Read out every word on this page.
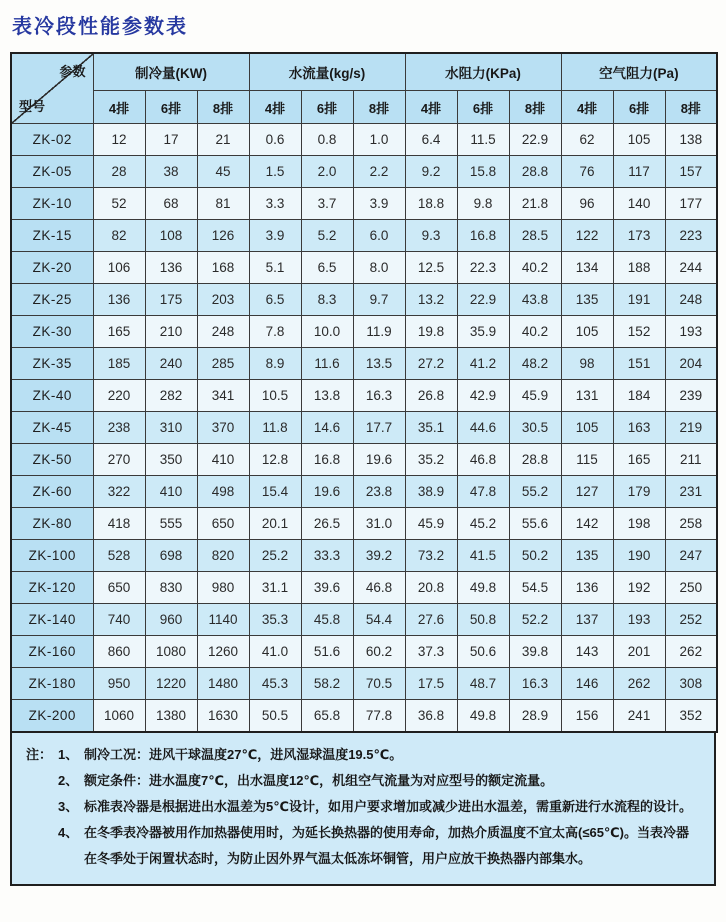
表冷段性能参数表
参数
型号	制冷量(KW)			水流量(kg/s)			水阻力(KPa)			空气阻力(Pa)		
	4排	6排	8排	4排	6排	8排	4排	6排	8排	4排	6排	8排
ZK-02	12	17	21	0.6	0.8	1.0	6.4	11.5	22.9	62	105	138
ZK-05	28	38	45	1.5	2.0	2.2	9.2	15.8	28.8	76	117	157
ZK-10	52	68	81	3.3	3.7	3.9	18.8	9.8	21.8	96	140	177
ZK-15	82	108	126	3.9	5.2	6.0	9.3	16.8	28.5	122	173	223
ZK-20	106	136	168	5.1	6.5	8.0	12.5	22.3	40.2	134	188	244
ZK-25	136	175	203	6.5	8.3	9.7	13.2	22.9	43.8	135	191	248
ZK-30	165	210	248	7.8	10.0	11.9	19.8	35.9	40.2	105	152	193
ZK-35	185	240	285	8.9	11.6	13.5	27.2	41.2	48.2	98	151	204
ZK-40	220	282	341	10.5	13.8	16.3	26.8	42.9	45.9	131	184	239
ZK-45	238	310	370	11.8	14.6	17.7	35.1	44.6	30.5	105	163	219
ZK-50	270	350	410	12.8	16.8	19.6	35.2	46.8	28.8	115	165	211
ZK-60	322	410	498	15.4	19.6	23.8	38.9	47.8	55.2	127	179	231
ZK-80	418	555	650	20.1	26.5	31.0	45.9	45.2	55.6	142	198	258
ZK-100	528	698	820	25.2	33.3	39.2	73.2	41.5	50.2	135	190	247
ZK-120	650	830	980	31.1	39.6	46.8	20.8	49.8	54.5	136	192	250
ZK-140	740	960	1140	35.3	45.8	54.4	27.6	50.8	52.2	137	193	252
ZK-160	860	1080	1260	41.0	51.6	60.2	37.3	50.6	39.8	143	201	262
ZK-180	950	1220	1480	45.3	58.2	70.5	17.5	48.7	16.3	146	262	308
ZK-200	1060	1380	1630	50.5	65.8	77.8	36.8	49.8	28.9	156	241	352
注： 1、 制冷工况：进风干球温度27℃，进风湿球温度19.5℃。
2、 额定条件：进水温度7℃，出水温度12℃，机组空气流量为对应型号的额定流量。
3、 标准表冷器是根据进出水温差为5℃设计，如用户要求增加或减少进出水温差，需重新进行水流程的设计。
4、 在冬季表冷器被用作加热器使用时，为延长换热器的使用寿命，加热介质温度不宜太高(≤65℃)。当表冷器在冬季处于闲置状态时，为防止因外界气温太低冻坏铜管，用户应放干换热器内部集水。
